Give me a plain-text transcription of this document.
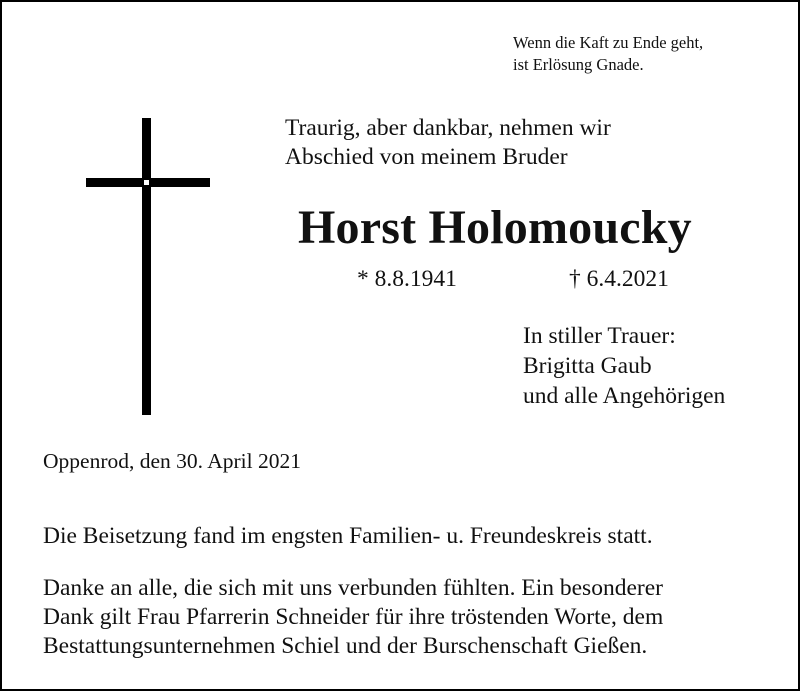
Wenn die Kaft zu Ende geht,
ist Erlösung Gnade.
Traurig, aber dankbar, nehmen wir
Abschied von meinem Bruder
Horst Holomoucky
* 8.8.1941	† 6.4.2021
In stiller Trauer:
Brigitta Gaub
und alle Angehörigen
Oppenrod, den 30. April 2021
Die Beisetzung fand im engsten Familien- u. Freundeskreis statt.
Danke an alle, die sich mit uns verbunden fühlten. Ein besonderer
Dank gilt Frau Pfarrerin Schneider für ihre tröstenden Worte, dem
Bestattungsunternehmen Schiel und der Burschenschaft Gießen.
